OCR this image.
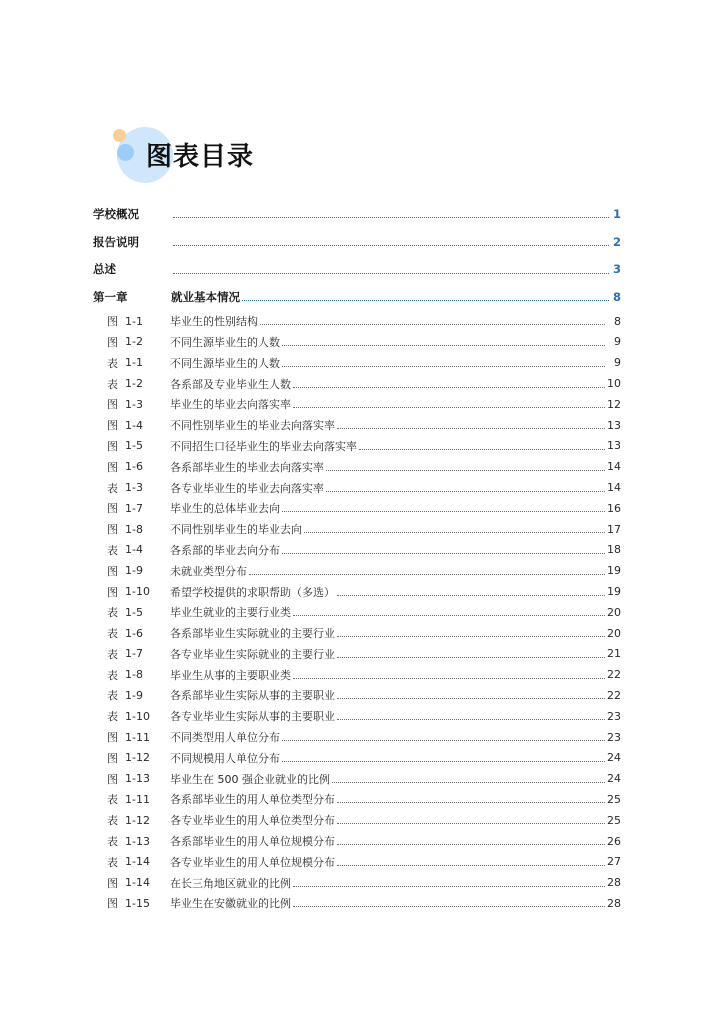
图表目录
学校概况	1
报告说明	2
总述	3
第一章	就业基本情况	8
图 1-1	毕业生的性别结构	8
图 1-2	不同生源毕业生的人数	9
表 1-1	不同生源毕业生的人数	9
表 1-2	各系部及专业毕业生人数	10
图 1-3	毕业生的毕业去向落实率	12
图 1-4	不同性别毕业生的毕业去向落实率	13
图 1-5	不同招生口径毕业生的毕业去向落实率	13
图 1-6	各系部毕业生的毕业去向落实率	14
表 1-3	各专业毕业生的毕业去向落实率	14
图 1-7	毕业生的总体毕业去向	16
图 1-8	不同性别毕业生的毕业去向	17
表 1-4	各系部的毕业去向分布	18
图 1-9	未就业类型分布	19
图 1-10	希望学校提供的求职帮助（多选）	19
表 1-5	毕业生就业的主要行业类	20
表 1-6	各系部毕业生实际就业的主要行业	20
表 1-7	各专业毕业生实际就业的主要行业	21
表 1-8	毕业生从事的主要职业类	22
表 1-9	各系部毕业生实际从事的主要职业	22
表 1-10	各专业毕业生实际从事的主要职业	23
图 1-11	不同类型用人单位分布	23
图 1-12	不同规模用人单位分布	24
图 1-13	毕业生在 500 强企业就业的比例	24
表 1-11	各系部毕业生的用人单位类型分布	25
表 1-12	各专业毕业生的用人单位类型分布	25
表 1-13	各系部毕业生的用人单位规模分布	26
表 1-14	各专业毕业生的用人单位规模分布	27
图 1-14	在长三角地区就业的比例	28
图 1-15	毕业生在安徽就业的比例	28
